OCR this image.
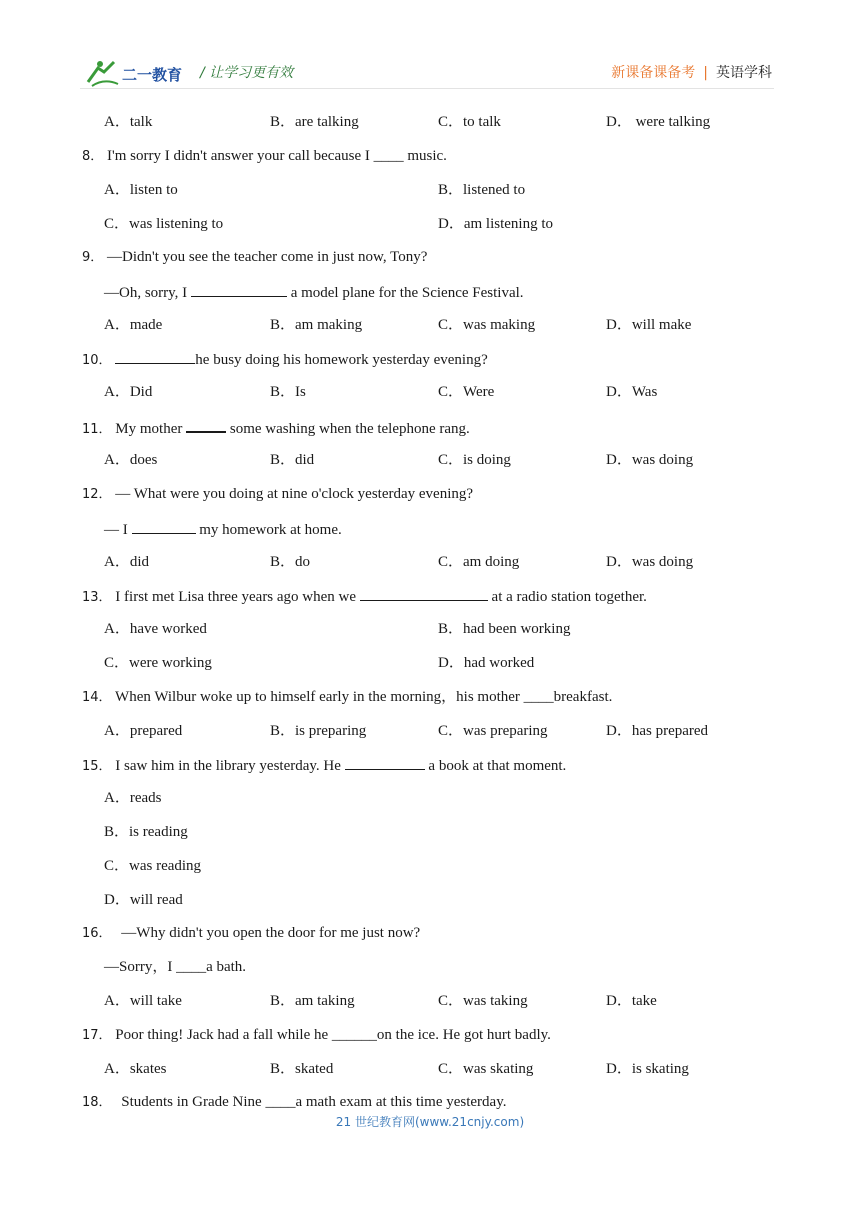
二一教育 / 让学习更有效	新课备课备考 | 英语学科
A．talk	B．are talking	C．to talk	D． were talking
8． I'm sorry I didn't answer your call because I ____ music.
A．listen to	B．listened to
C．was listening to	D．am listening to
9． —Didn't you see the teacher come in just now, Tony?
—Oh, sorry, I	a model plane for the Science Festival.
A．made	B．am making	C．was making	D．will make
10．	he busy doing his homework yesterday evening?
A．Did	B．Is	C．Were	D．Was
11． My mother	some washing when the telephone rang.
A．does	B．did	C．is doing	D．was doing
12． — What were you doing at nine o'clock yesterday evening?
— I	my homework at home.
A．did	B．do	C．am doing	D．was doing
13． I first met Lisa three years ago when we	at a radio station together.
A．have worked	B．had been working
C．were working	D．had worked
14． When Wilbur woke up to himself early in the morning，his mother ____breakfast.
A．prepared	B．is preparing	C．was preparing	D．has prepared
15． I saw him in the library yesterday. He	a book at that moment.
A．reads
B．is reading
C．was reading
D．will read
16． —Why didn't you open the door for me just now?
—Sorry，I ____a bath.
A．will take	B．am taking	C．was taking	D．take
17． Poor thing! Jack had a fall while he ______on the ice. He got hurt badly.
A．skates	B．skated	C．was skating	D．is skating
18． Students in Grade Nine ____a math exam at this time yesterday.
21 世纪教育网(www.21cnjy.com)
